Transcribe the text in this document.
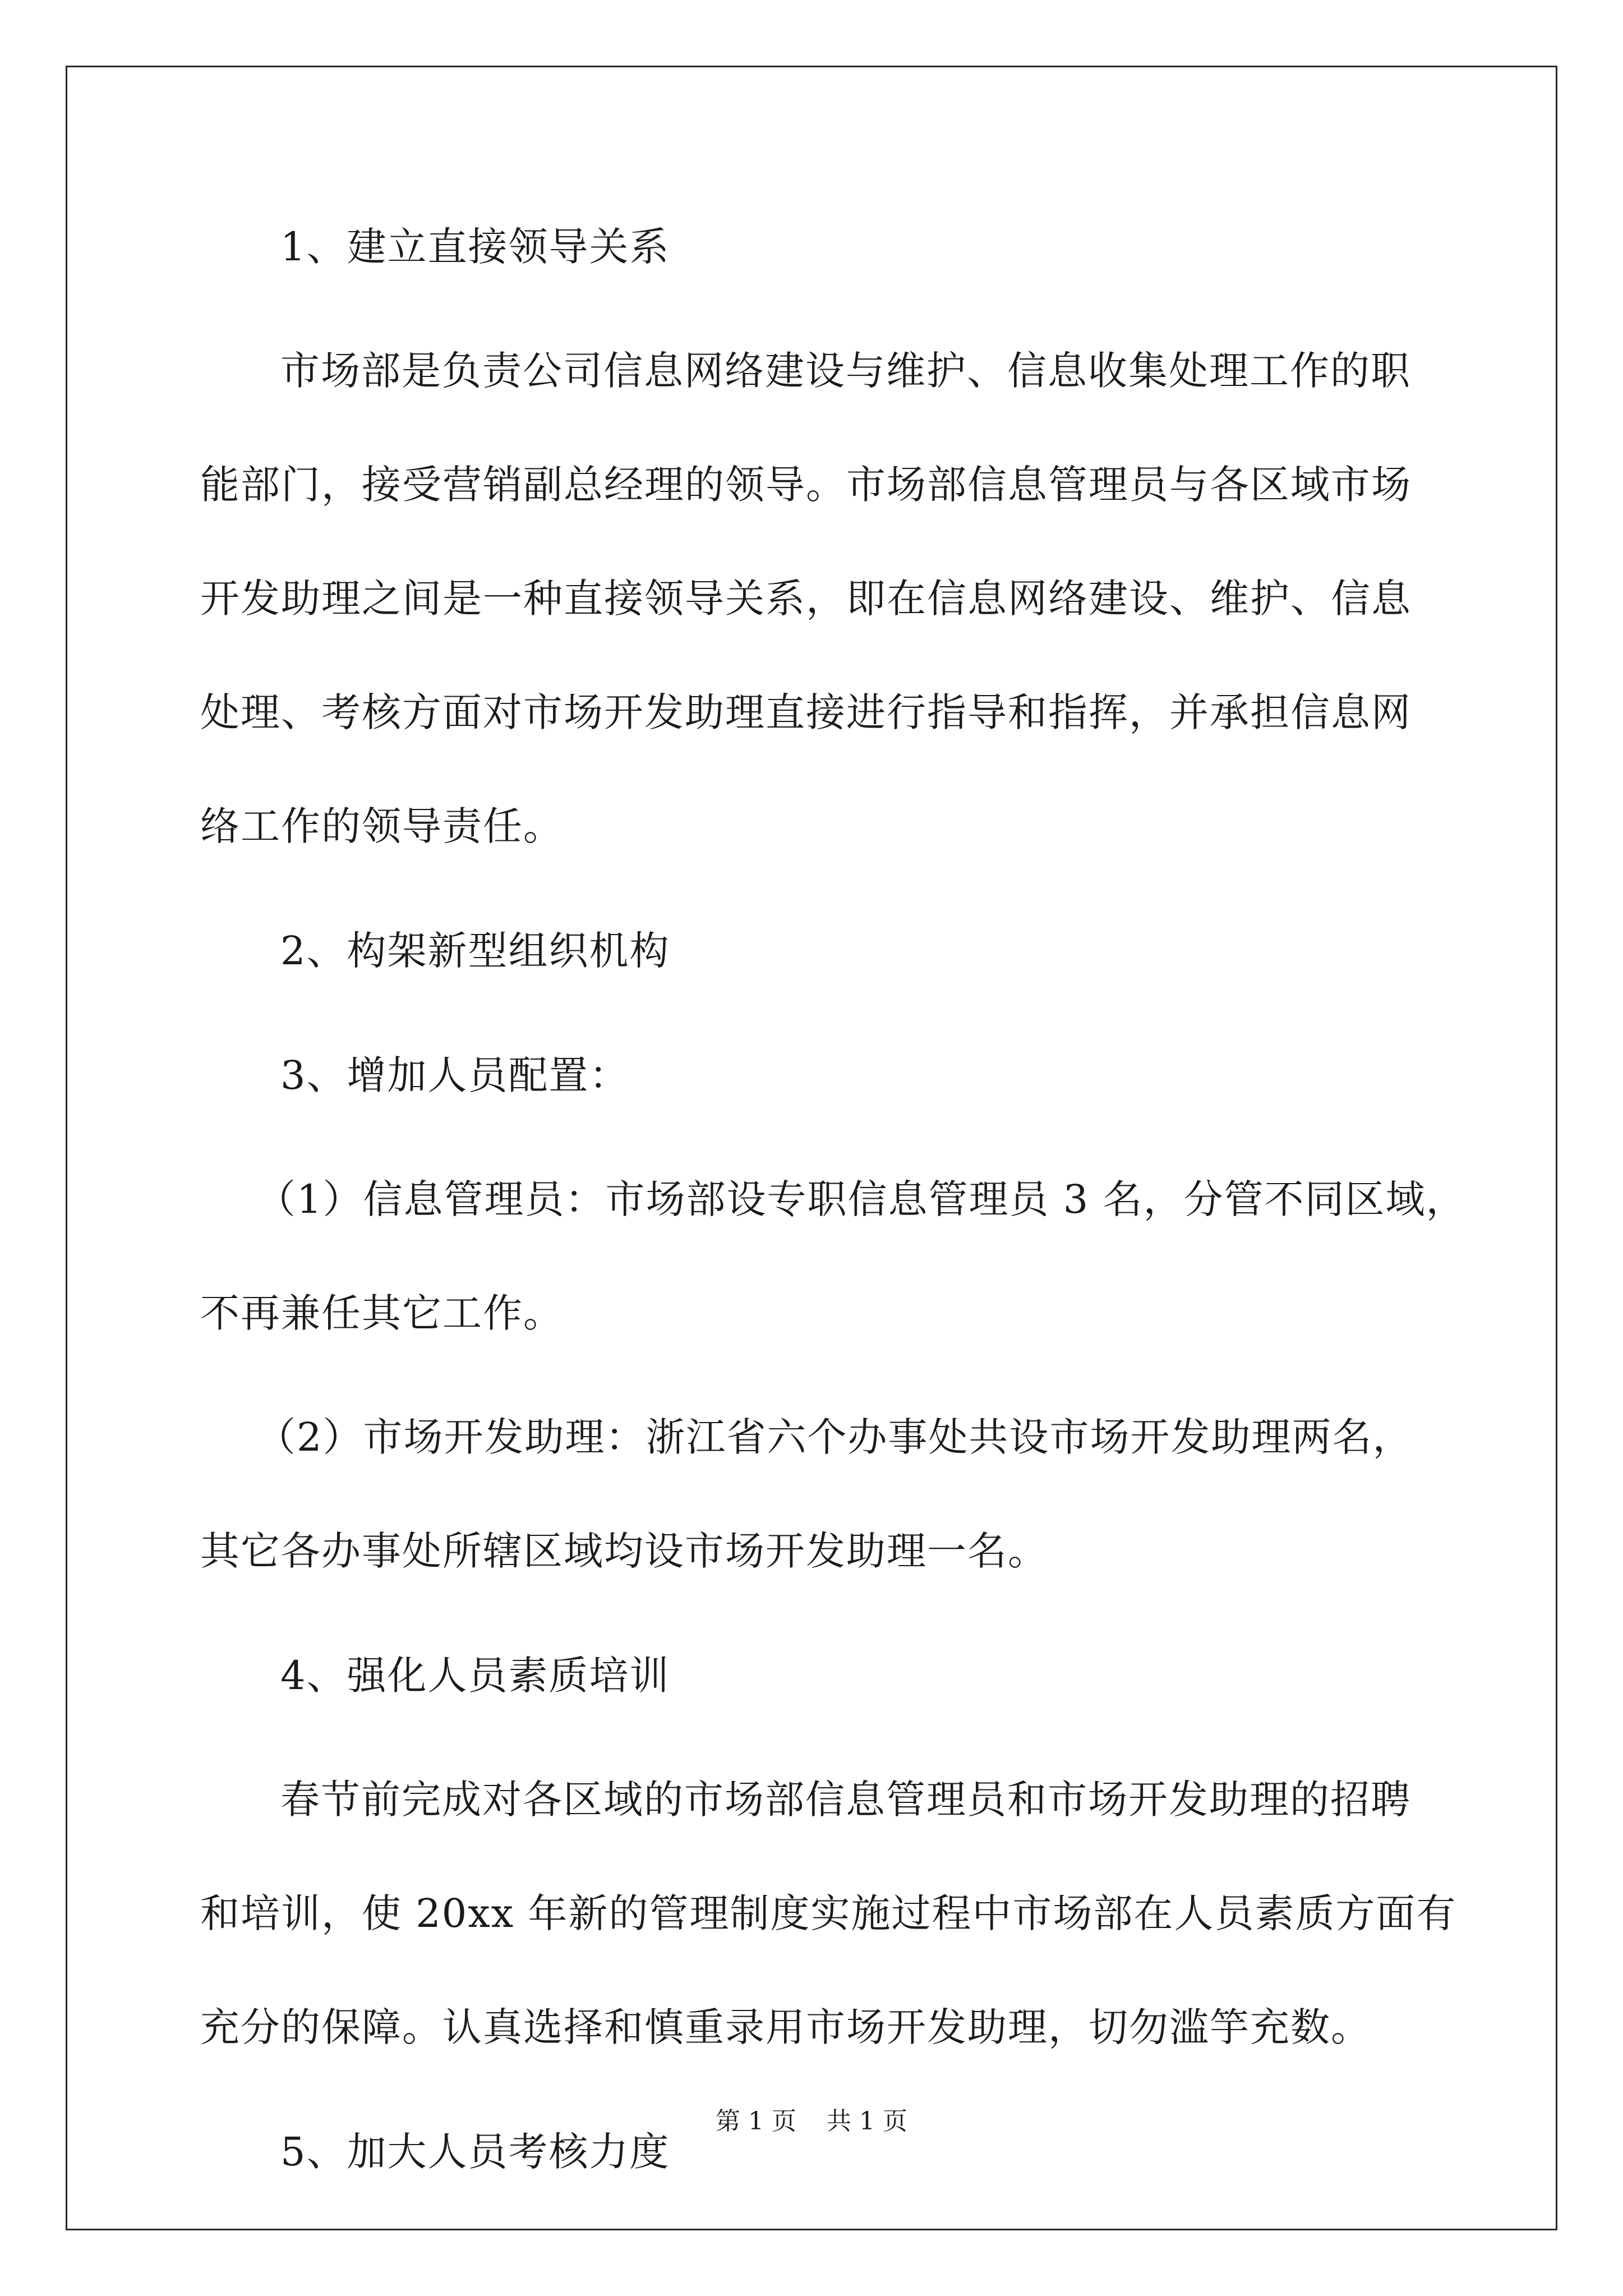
1、建立直接领导关系
市场部是负责公司信息网络建设与维护、信息收集处理工作的职
能部门，接受营销副总经理的领导。市场部信息管理员与各区域市场
开发助理之间是一种直接领导关系，即在信息网络建设、维护、信息
处理、考核方面对市场开发助理直接进行指导和指挥，并承担信息网
络工作的领导责任。
2、构架新型组织机构
3、增加人员配置：
（1）信息管理员：市场部设专职信息管理员 3 名，分管不同区域，
不再兼任其它工作。
（2）市场开发助理：浙江省六个办事处共设市场开发助理两名，
其它各办事处所辖区域均设市场开发助理一名。
4、强化人员素质培训
春节前完成对各区域的市场部信息管理员和市场开发助理的招聘
和培训，使 20xx 年新的管理制度实施过程中市场部在人员素质方面有
充分的保障。认真选择和慎重录用市场开发助理，切勿滥竽充数。
5、加大人员考核力度
第 1 页 共 1 页
